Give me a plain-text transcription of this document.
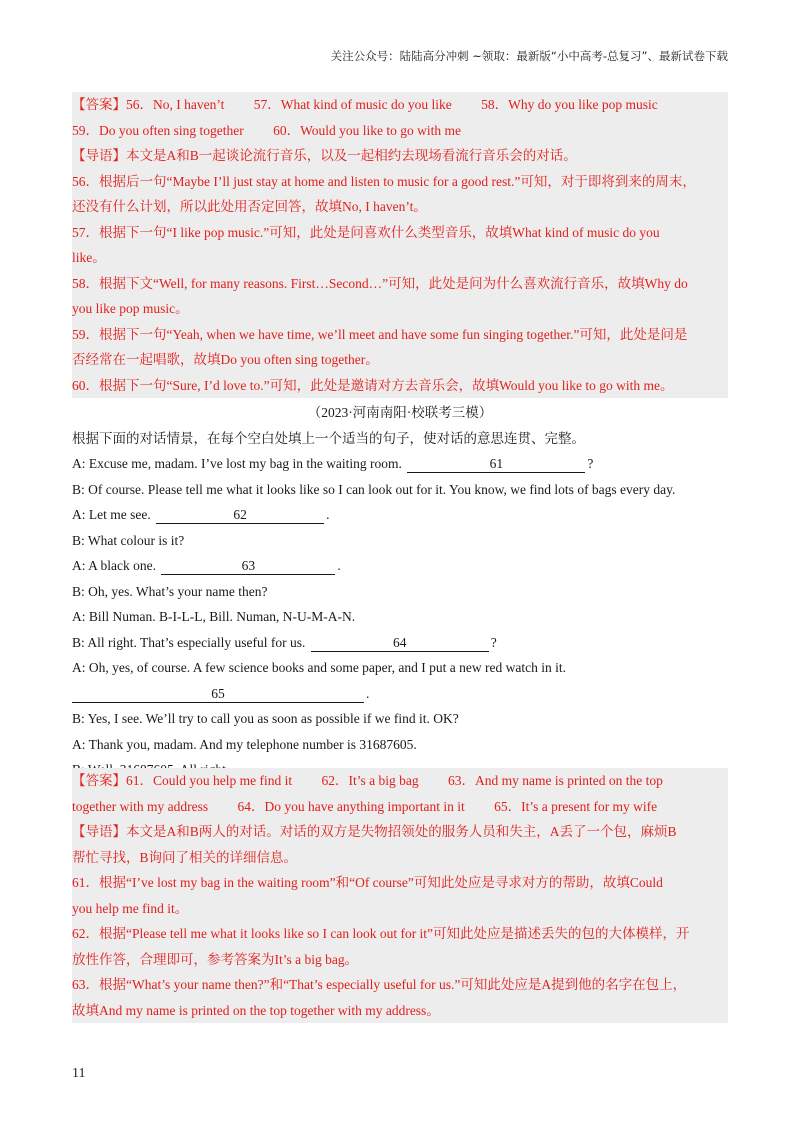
关注公众号：陆陆高分冲刺 ~领取：最新版“小中高考-总复习”、最新试卷下载
【答案】56．No, I haven’t 57．What kind of music do you like 58．Why do you like pop music
59．Do you often sing together 60．Would you like to go with me
【导语】本文是A和B一起谈论流行音乐，以及一起相约去现场看流行音乐会的对话。
56．根据后一句“Maybe I’ll just stay at home and listen to music for a good rest.”可知，对于即将到来的周末，
还没有什么计划，所以此处用否定回答，故填No, I haven’t。
57．根据下一句“I like pop music.”可知，此处是问喜欢什么类型音乐，故填What kind of music do you
like。
58．根据下文“Well, for many reasons. First…Second…”可知，此处是问为什么喜欢流行音乐，故填Why do
you like pop music。
59．根据下一句“Yeah, when we have time, we’ll meet and have some fun singing together.”可知，此处是问是
否经常在一起唱歌，故填Do you often sing together。
60．根据下一句“Sure, I’d love to.”可知，此处是邀请对方去音乐会，故填Would you like to go with me。
（2023·河南南阳·校联考三模）
根据下面的对话情景，在每个空白处填上一个适当的句子，使对话的意思连贯、完整。
A: Excuse me, madam. I’ve lost my bag in the waiting room.	61	?
B: Of course. Please tell me what it looks like so I can look out for it. You know, we find lots of bags every day.
A: Let me see.	62	.
B: What colour is it?
A: A black one.	63	.
B: Oh, yes. What’s your name then?
A: Bill Numan. B-I-L-L, Bill. Numan, N-U-M-A-N.
B: All right. That’s especially useful for us.	64	?
A: Oh, yes, of course. A few science books and some paper, and I put a new red watch in it.
65	.
B: Yes, I see. We’ll try to call you as soon as possible if we find it. OK?
A: Thank you, madam. And my telephone number is 31687605.
【答案】61．Could you help me find it 62．It’s a big bag 63．And my name is printed on the top
together with my address 64．Do you have anything important in it 65．It’s a present for my wife
【导语】本文是A和B两人的对话。对话的双方是失物招领处的服务人员和失主，A丢了一个包，麻烦B
帮忙寻找，B询问了相关的详细信息。
61．根据“I’ve lost my bag in the waiting room”和“Of course”可知此处应是寻求对方的帮助，故填Could
you help me find it。
62．根据“Please tell me what it looks like so I can look out for it”可知此处应是描述丢失的包的大体模样，开
放性作答，合理即可，参考答案为It’s a big bag。
63．根据“What’s your name then?”和“That’s especially useful for us.”可知此处应是A提到他的名字在包上，
故填And my name is printed on the top together with my address。
11
